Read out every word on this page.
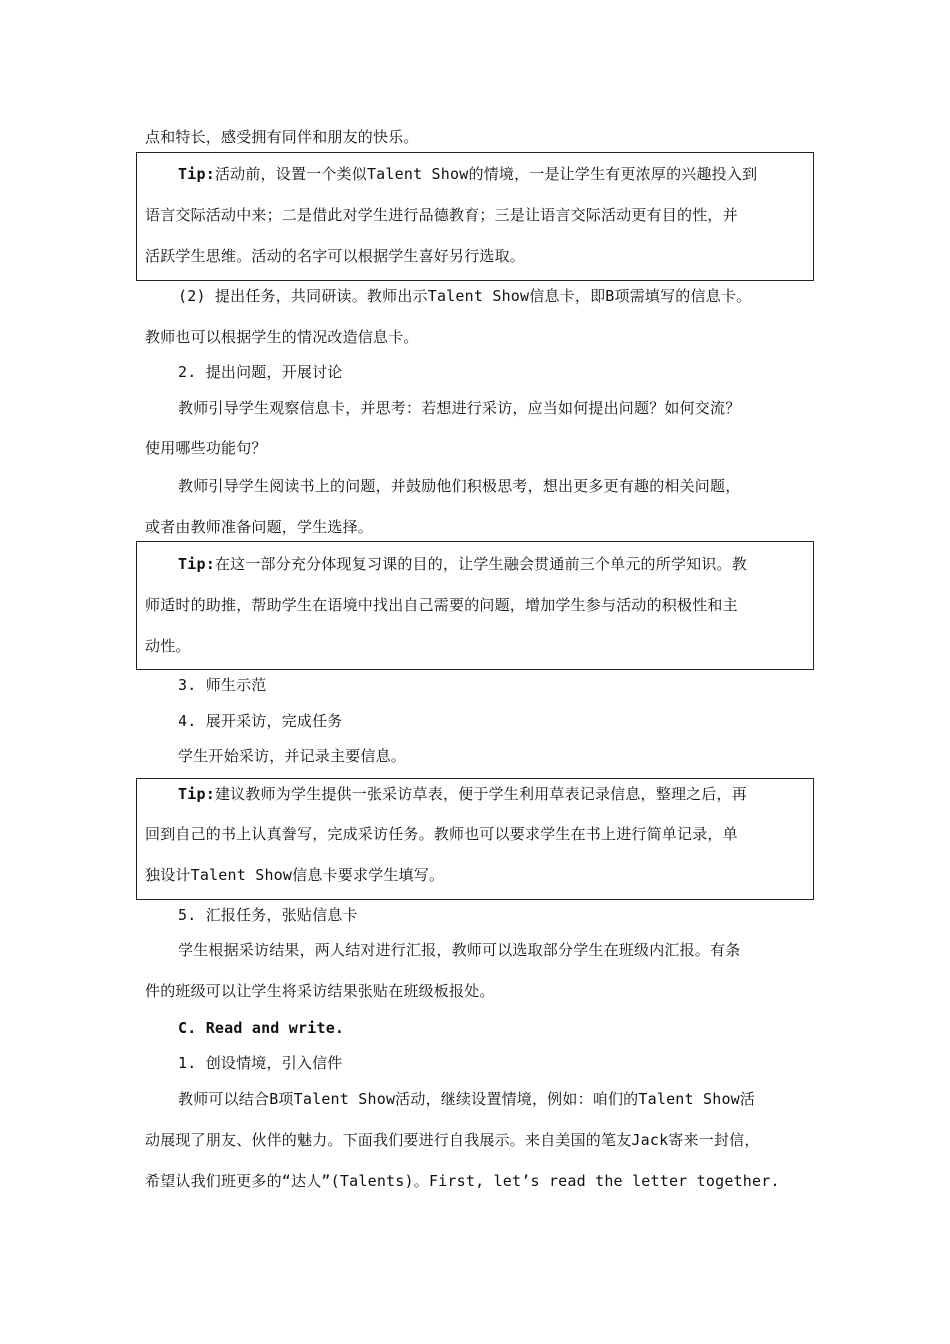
点和特长，感受拥有同伴和朋友的快乐。
Tip:活动前，设置一个类似Talent Show的情境，一是让学生有更浓厚的兴趣投入到
语言交际活动中来；二是借此对学生进行品德教育；三是让语言交际活动更有目的性，并
活跃学生思维。活动的名字可以根据学生喜好另行选取。
(2) 提出任务，共同研读。教师出示Talent Show信息卡，即B项需填写的信息卡。
教师也可以根据学生的情况改造信息卡。
2. 提出问题，开展讨论
教师引导学生观察信息卡，并思考：若想进行采访，应当如何提出问题？如何交流？
使用哪些功能句？
教师引导学生阅读书上的问题，并鼓励他们积极思考，想出更多更有趣的相关问题，
或者由教师准备问题，学生选择。
Tip:在这一部分充分体现复习课的目的，让学生融会贯通前三个单元的所学知识。教
师适时的助推，帮助学生在语境中找出自己需要的问题，增加学生参与活动的积极性和主
动性。
3. 师生示范
4. 展开采访，完成任务
学生开始采访，并记录主要信息。
Tip:建议教师为学生提供一张采访草表，便于学生利用草表记录信息，整理之后，再
回到自己的书上认真誊写，完成采访任务。教师也可以要求学生在书上进行简单记录，单
独设计Talent Show信息卡要求学生填写。
5. 汇报任务，张贴信息卡
学生根据采访结果，两人结对进行汇报，教师可以选取部分学生在班级内汇报。有条
件的班级可以让学生将采访结果张贴在班级板报处。
C. Read and write.
1. 创设情境，引入信件
教师可以结合B项Talent Show活动，继续设置情境，例如：咱们的Talent Show活
动展现了朋友、伙伴的魅力。下面我们要进行自我展示。来自美国的笔友Jack寄来一封信，
希望认我们班更多的“达人”(Talents)。First, let’s read the letter together.
